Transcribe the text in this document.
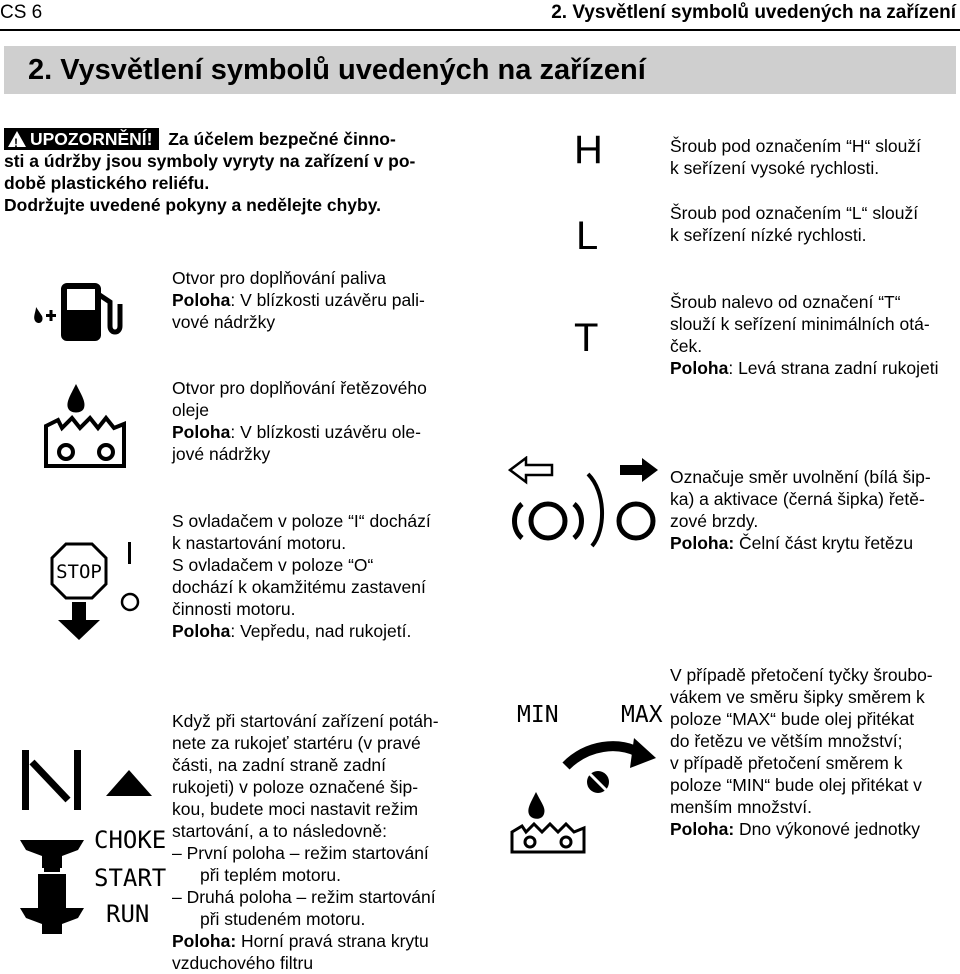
CS 6	2. Vysvětlení symbolů uvedených na zařízení
2. Vysvětlení symbolů uvedených na zařízení

!UPOZORNĚNÍ! Za účelem bezpečné činno-

sti a údržby jsou symboly vyryty na zařízení v po-

době plastického reliéfu.

Dodržujte uvedené pokyny a nedělejte chyby.

Otvor pro doplňování paliva

Poloha: V blízkosti uzávěru pali-

vové nádržky

Otvor pro doplňování řetězového

oleje

Poloha: V blízkosti uzávěru ole-

jové nádržky

STOP

S ovladačem v poloze “I“ dochází

k nastartování motoru.

S ovladačem v poloze “O“

dochází k okamžitému zastavení

činnosti motoru.

Poloha: Vepředu, nad rukojetí.

CHOKE
START
RUN

Když při startování zařízení potáh-

nete za rukojeť startéru (v pravé

části, na zadní straně zadní

rukojeti) v poloze označené šip-

kou, budete moci nastavit režim

startování, a to následovně:

– První poloha – režim startování

při teplém motoru.

– Druhá poloha – režim startování

při studeném motoru.

Poloha: Horní pravá strana krytu

vzduchového filtru

H
L
T

Šroub pod označením “H“ slouží

k seřízení vysoké rychlosti.

Šroub pod označením “L“ slouží

k seřízení nízké rychlosti.

Šroub nalevo od označení “T“

slouží k seřízení minimálních otá-

ček.

Poloha: Levá strana zadní rukojeti

Označuje směr uvolnění (bílá šip-

ka) a aktivace (černá šipka) řetě-

zové brzdy.

Poloha: Čelní část krytu řetězu

MIN	MAX

V případě přetočení tyčky šroubo-

vákem ve směru šipky směrem k

poloze “MAX“ bude olej přitékat

do řetězu ve větším množství;

v případě přetočení směrem k

poloze “MIN“ bude olej přitékat v

menším množství.

Poloha: Dno výkonové jednotky
